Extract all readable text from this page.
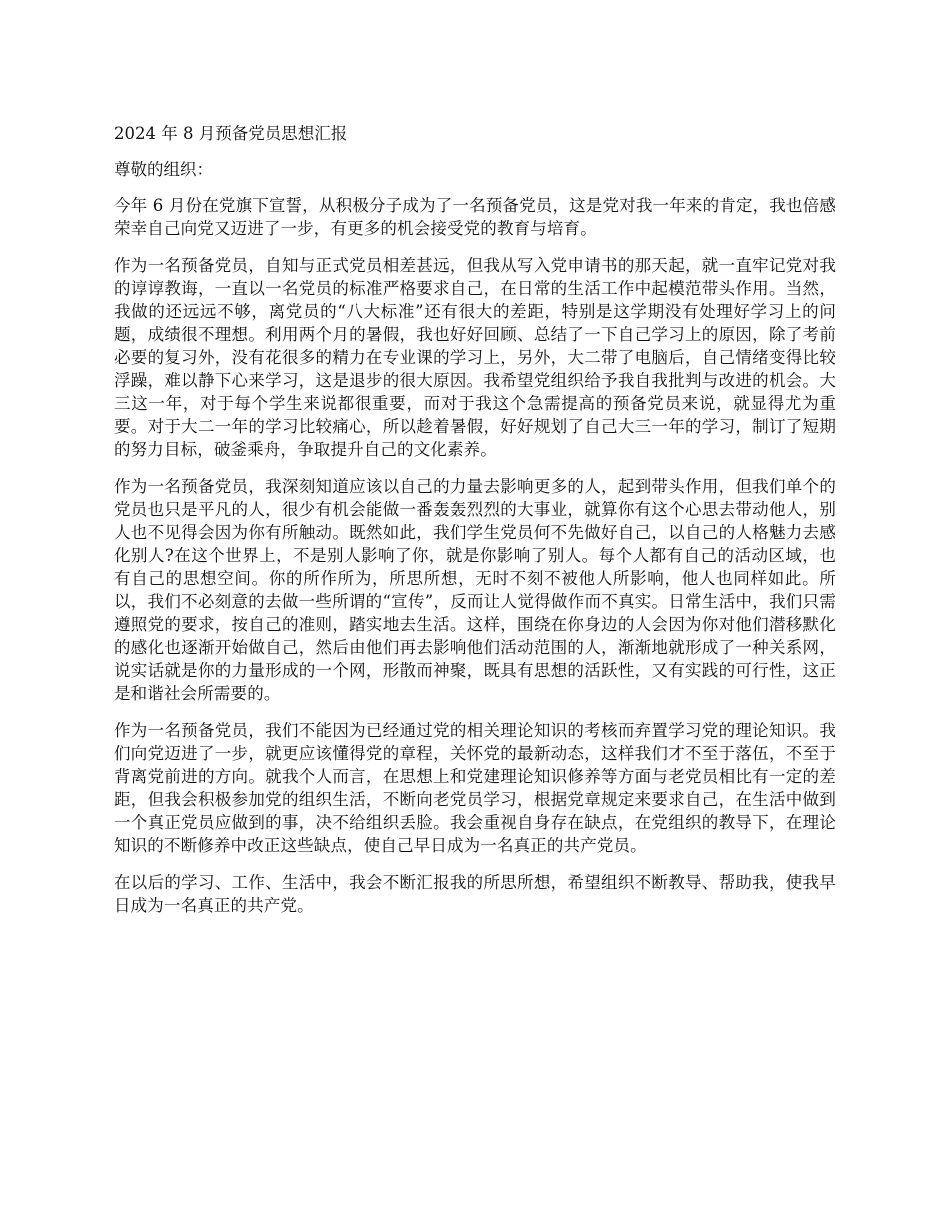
2024 年 8 月预备党员思想汇报
尊敬的组织：

今年 6 月份在党旗下宣誓，从积极分子成为了一名预备党员，这是党对我一年来的肯定，我也倍感荣幸自己向党又迈进了一步，有更多的机会接受党的教育与培育。

作为一名预备党员，自知与正式党员相差甚远，但我从写入党申请书的那天起，就一直牢记党对我的谆谆教诲，一直以一名党员的标准严格要求自己，在日常的生活工作中起模范带头作用。当然，我做的还远远不够，离党员的“八大标准”还有很大的差距，特别是这学期没有处理好学习上的问题，成绩很不理想。利用两个月的暑假，我也好好回顾、总结了一下自己学习上的原因，除了考前必要的复习外，没有花很多的精力在专业课的学习上，另外，大二带了电脑后，自己情绪变得比较浮躁，难以静下心来学习，这是退步的很大原因。我希望党组织给予我自我批判与改进的机会。大三这一年，对于每个学生来说都很重要，而对于我这个急需提高的预备党员来说，就显得尤为重要。对于大二一年的学习比较痛心，所以趁着暑假，好好规划了自己大三一年的学习，制订了短期的努力目标，破釜乘舟，争取提升自己的文化素养。

作为一名预备党员，我深刻知道应该以自己的力量去影响更多的人，起到带头作用，但我们单个的党员也只是平凡的人，很少有机会能做一番轰轰烈烈的大事业，就算你有这个心思去带动他人，别人也不见得会因为你有所触动。既然如此，我们学生党员何不先做好自己，以自己的人格魅力去感化别人?在这个世界上，不是别人影响了你，就是你影响了别人。每个人都有自己的活动区域，也有自己的思想空间。你的所作所为，所思所想，无时不刻不被他人所影响，他人也同样如此。所以，我们不必刻意的去做一些所谓的“宣传”，反而让人觉得做作而不真实。日常生活中，我们只需遵照党的要求，按自己的准则，踏实地去生活。这样，围绕在你身边的人会因为你对他们潜移默化的感化也逐渐开始做自己，然后由他们再去影响他们活动范围的人，渐渐地就形成了一种关系网，说实话就是你的力量形成的一个网，形散而神聚，既具有思想的活跃性，又有实践的可行性，这正是和谐社会所需要的。

作为一名预备党员，我们不能因为已经通过党的相关理论知识的考核而弃置学习党的理论知识。我们向党迈进了一步，就更应该懂得党的章程，关怀党的最新动态，这样我们才不至于落伍，不至于背离党前进的方向。就我个人而言，在思想上和党建理论知识修养等方面与老党员相比有一定的差距，但我会积极参加党的组织生活，不断向老党员学习，根据党章规定来要求自己，在生活中做到一个真正党员应做到的事，决不给组织丢脸。我会重视自身存在缺点，在党组织的教导下，在理论知识的不断修养中改正这些缺点，使自己早日成为一名真正的共产党员。

在以后的学习、工作、生活中，我会不断汇报我的所思所想，希望组织不断教导、帮助我，使我早日成为一名真正的共产党。
